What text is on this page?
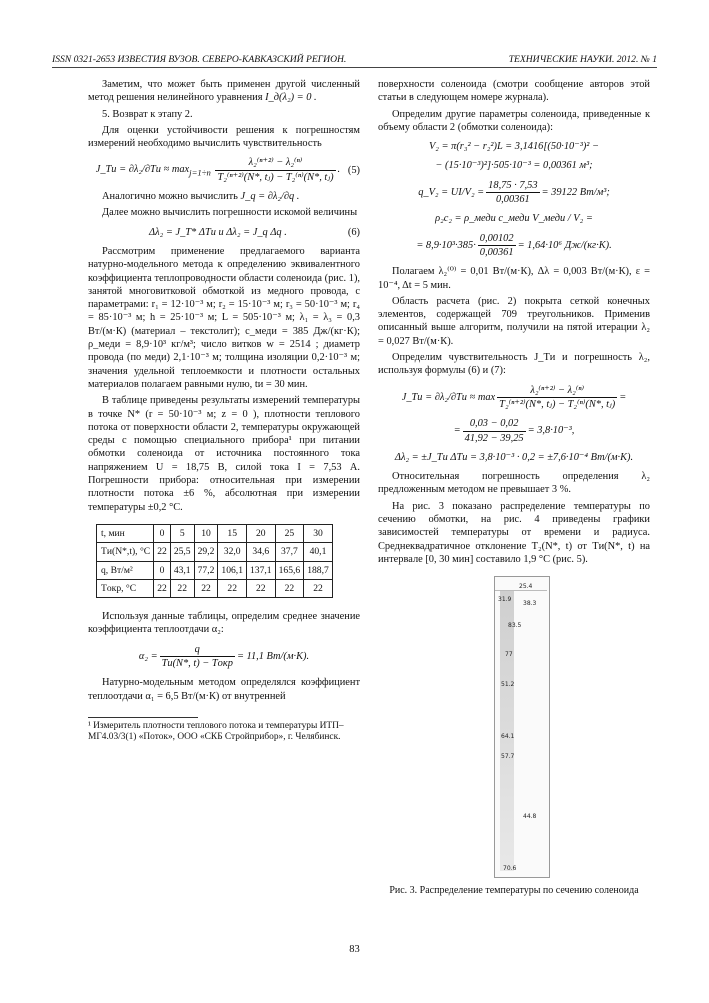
ISSN 0321-2653 ИЗВЕСТИЯ ВУЗОВ. СЕВЕРО-КАВКАЗСКИЙ РЕГИОН.	ТЕХНИЧЕСКИЕ НАУКИ. 2012. № 1

Заметим, что может быть применен другой численный метод решения нелинейного уравнения I_д(λ₂) = 0 .

5. Возврат к этапу 2.

Для оценки устойчивости решения к погрешностям измерений необходимо вычислить чувствительность

J_Tи = $\partial\lambda_2/\partial Tи \approx \max_{j=1\div n} \frac{\text{λ₂⁽ⁿ⁺²⁾ − λ₂⁽ⁿ⁾}}{\text{T₂⁽ⁿ⁺²⁾(N*, tⱼ) − T₂⁽ⁿ⁾(N*, tⱼ)}}$ . (5)

Аналогично можно вычислить J_q = ∂λ₂/∂q .

Далее можно вычислить погрешности искомой величины

Δλ₂ = J_T* ΔTи и Δλ₂ = J_q Δq .	(6)

Рассмотрим применение предлагаемого варианта натурно-модельного метода к определению эквивалентного коэффициента теплопроводности области соленоида (рис. 1), занятой многовитковой обмоткой из медного провода, с параметрами: r₁ = 12·10⁻³ м; r₂ = 15·10⁻³ м; r₃ = 50·10⁻³ м; r₄ = 85·10⁻³ м; h = 25·10⁻³ м; L = 505·10⁻³ м; λ₁ = λ₃ = 0,3 Вт/(м·К) (материал – текстолит); c_меди = 385 Дж/(кг·К); ρ_меди = 8,9·10³ кг/м³; число витков w = 2514 ; диаметр провода (по меди) 2,1·10⁻³ м; толщина изоляции 0,2·10⁻³ м; значения удельной теплоемкости и плотности остальных материалов полагаем равными нулю, tи = 30 мин.

В таблице приведены результаты измерений температуры в точке N* (r = 50·10⁻³ м; z = 0 ), плотности теплового потока от поверхности области 2, температуры окружающей среды с помощью специального прибора¹ при питании обмотки соленоида от источника постоянного тока напряжением U = 18,75 В, силой тока I = 7,53 А. Погрешности прибора: относительная при измерении плотности потока ±6 %, абсолютная при измерении температуры ±0,2 °С.

t, мин	0	5	10	15	20	25	30
Tи(N*,t), °С	22	25,5	29,2	32,0	34,6	37,7	40,1
q, Вт/м²	0	43,1	77,2	106,1	137,1	165,6	188,7
Tокр, °С	22	22	22	22	22	22	22

Используя данные таблицы, определим среднее значение коэффициента теплоотдачи α₂:

$\alpha_2 = \frac{q}{\text{Tи(N*, t) − Tокр}} = 11,1$ Вт/(м·К).

Натурно-модельным методом определялся коэффициент теплоотдачи α₁ = 6,5 Вт/(м·К) от внутренней

¹ Измеритель плотности теплового потока и температуры ИТП–МГ4.03/3(1) «Поток», ООО «СКБ Стройприбор», г. Челябинск.

поверхности соленоида (смотри сообщение авторов этой статьи в следующем номере журнала).

Определим другие параметры соленоида, приведенные к объему области 2 (обмотки соленоида):

V₂ = π(r₃² − r₂²)L = 3,1416[(50·10⁻³)² −
− (15·10⁻³)²]·505·10⁻³ = 0,00361 м³;
q_V₂ = $UI/V_2 = \frac{18,75 \cdot 7,53}{0,00361} = 39122$ Вт/м³;
ρ₂c₂ = ρ_меди c_меди V_меди / V₂ =
= $8,9\cdot 10^3\cdot 385\cdot \frac{0,00102}{0,00361} = 1,64\cdot 10^6$ Дж/(кг·К).

Полагаем λ₂⁽⁰⁾ = 0,01 Вт/(м·К), Δλ = 0,003 Вт/(м·К), ε = 10⁻⁴, Δt = 5 мин.

Область расчета (рис. 2) покрыта сеткой конечных элементов, содержащей 709 треугольников. Применив описанный выше алгоритм, получили на пятой итерации λ₂ = 0,027 Вт/(м·К).

Определим чувствительность J_Tи и погрешность λ₂, используя формулы (6) и (7):

J_Tи = $\partial\lambda_2/\partial Tи \approx \max \frac{\text{λ₂⁽ⁿ⁺²⁾ − λ₂⁽ⁿ⁾}}{\text{T₂⁽ⁿ⁺²⁾(N*, tⱼ) − T₂⁽ⁿ⁾(N*, tⱼ)}}$ =
= $\frac{0,03 - 0,02}{41,92 - 39,25} = 3,8\cdot 10^{-3}$,
Δλ₂ = ±J_Tи ΔTи = 3,8·10⁻³ · 0,2 = ±7,6·10⁻⁴ Вт/(м·К).

Относительная погрешность определения λ₂ предложенным методом не превышает 3 %.

На рис. 3 показано распределение температуры по сечению обмотки, на рис. 4 приведены графики зависимостей температуры от времени и радиуса. Среднеквадратичное отклонение T₂(N*, t) от Tи(N*, t) на интервале [0, 30 мин] составило 1,9 °С (рис. 5).

25.4
31.9
38.3
83.5
77
51.2
64.1
57.7
44.8
70.6
Рис. 3. Распределение температуры по сечению соленоида
83
